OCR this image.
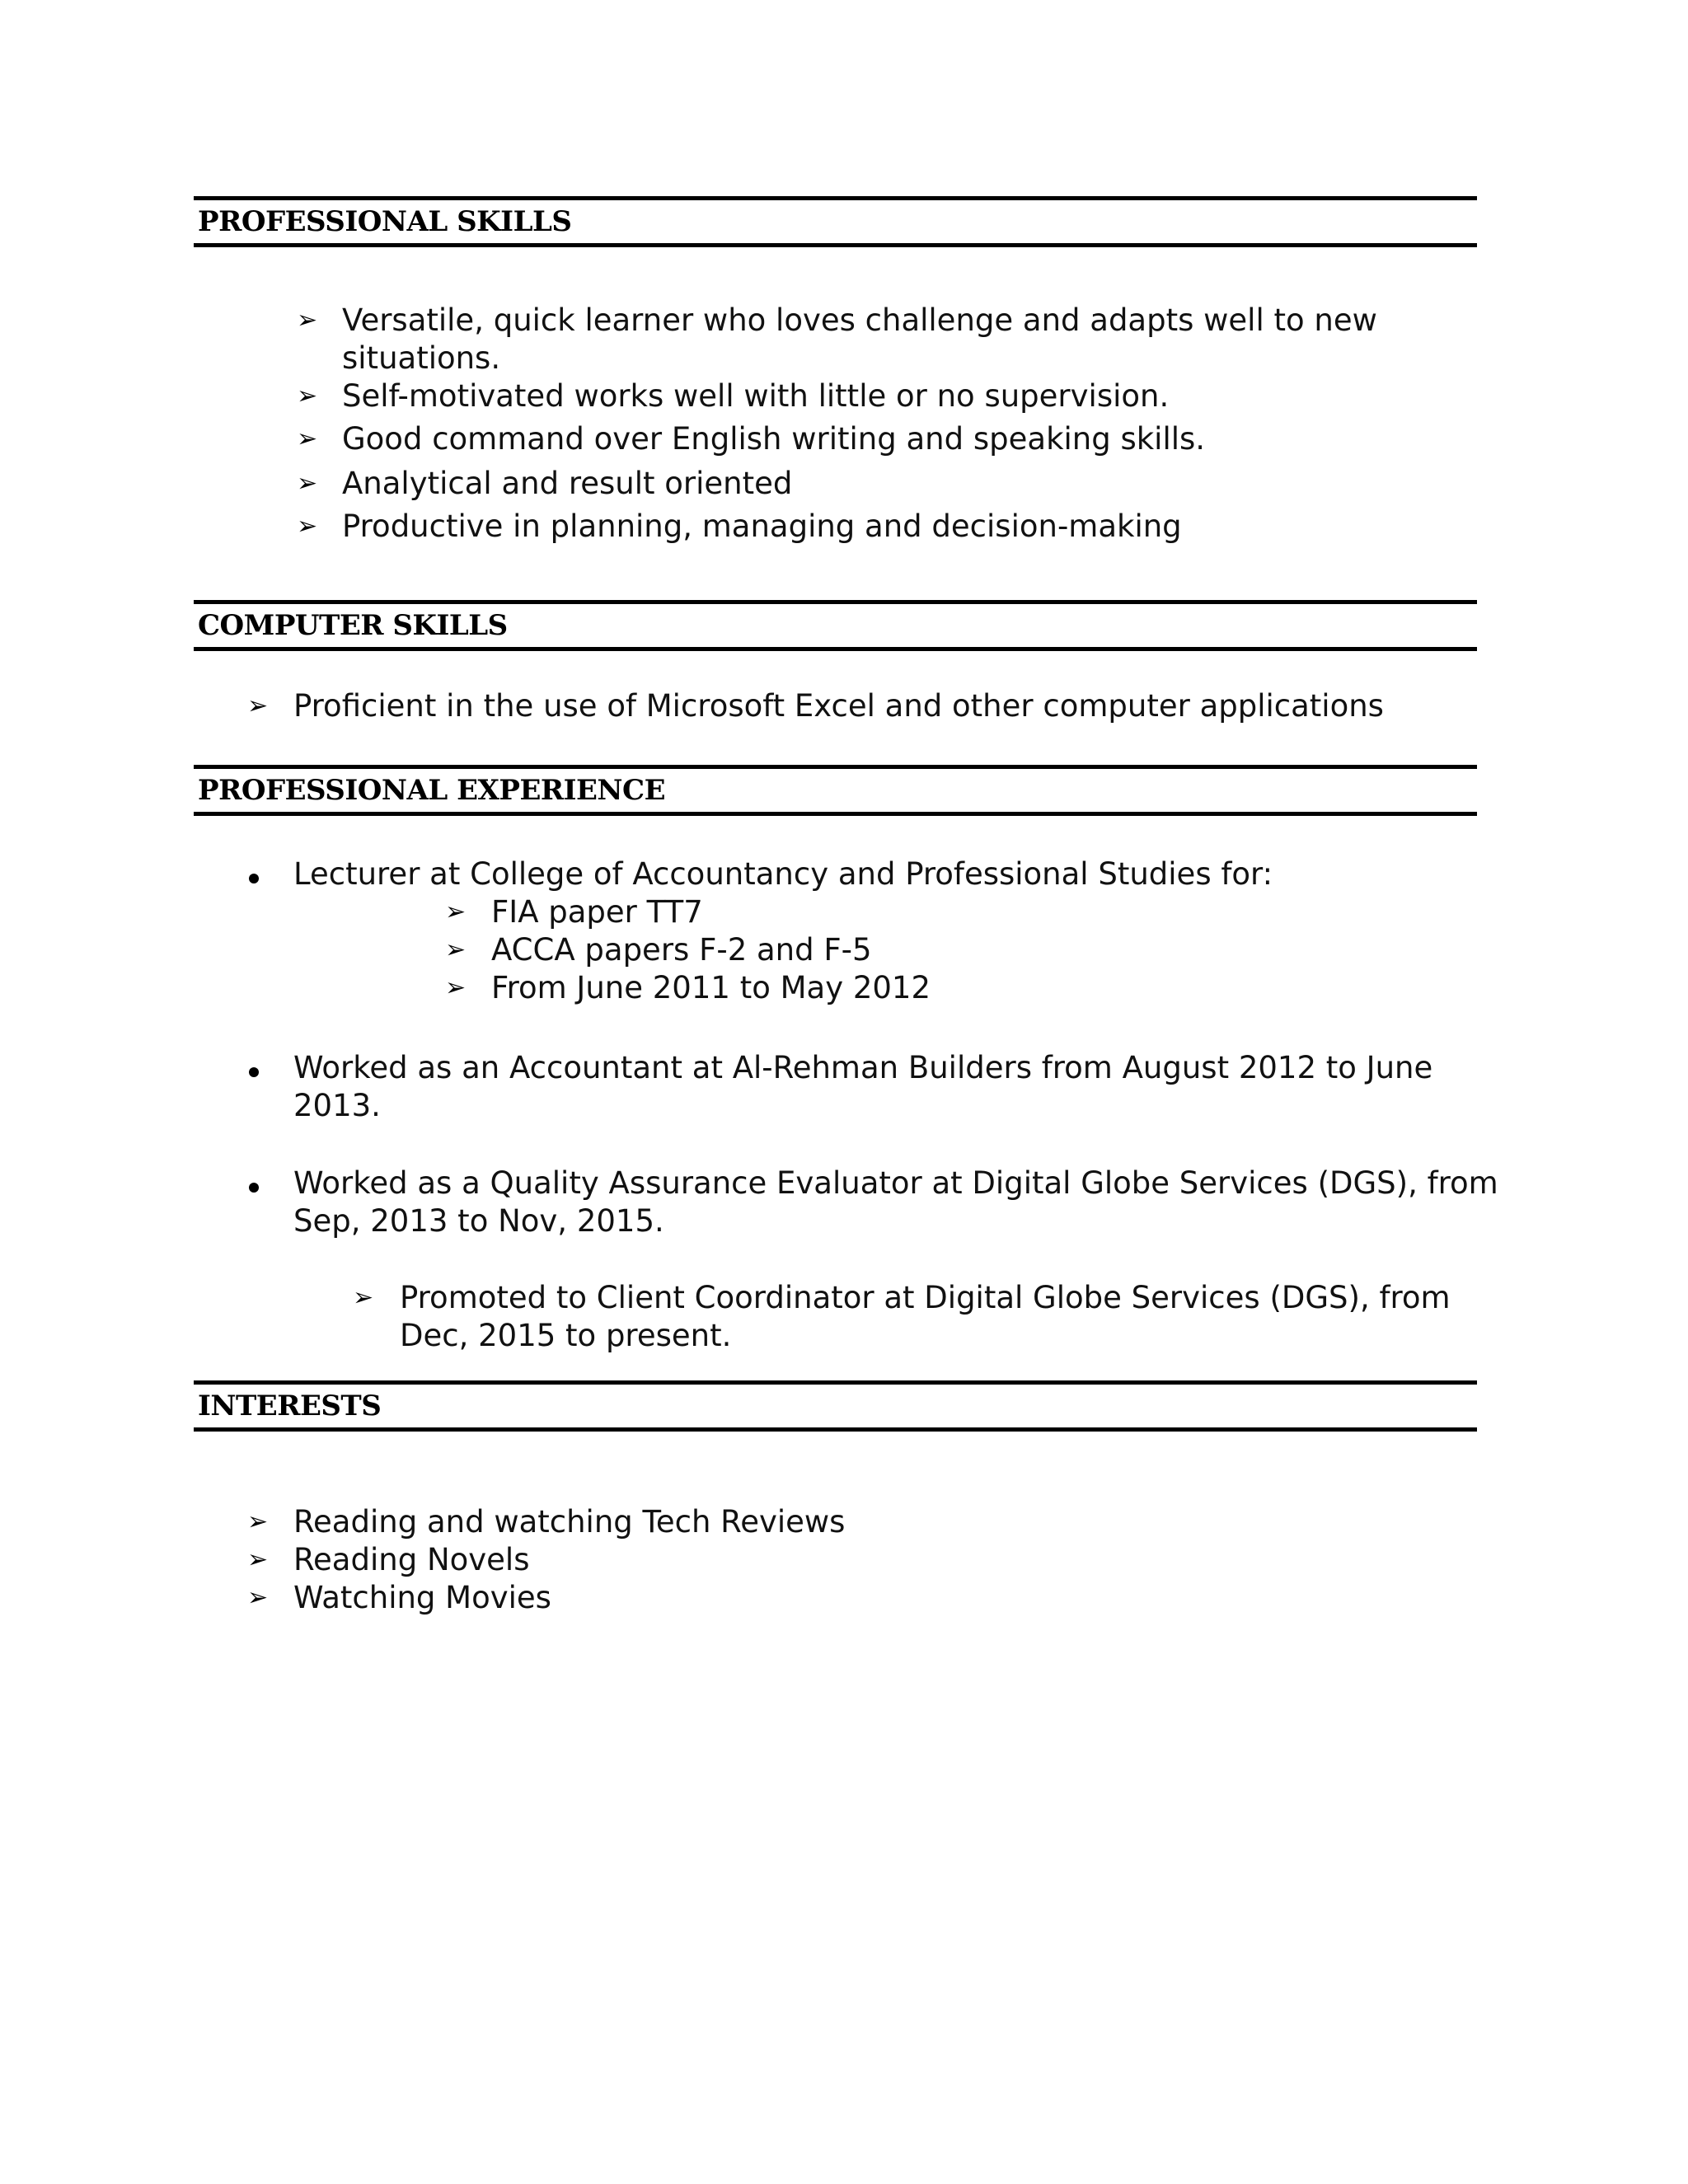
PROFESSIONAL SKILLS
➢ Versatile, quick learner who loves challenge and adapts well to new
situations.
➢ Self-motivated works well with little or no supervision.
➢ Good command over English writing and speaking skills.
➢ Analytical and result oriented
➢ Productive in planning, managing and decision-making
COMPUTER SKILLS
➢ Proficient in the use of Microsoft Excel and other computer applications
PROFESSIONAL EXPERIENCE
Lecturer at College of Accountancy and Professional Studies for:
➢ FIA paper TT7
➢ ACCA papers F-2 and F-5
➢ From June 2011 to May 2012
Worked as an Accountant at Al-Rehman Builders from August 2012 to June
2013.
Worked as a Quality Assurance Evaluator at Digital Globe Services (DGS), from
Sep, 2013 to Nov, 2015.
➢ Promoted to Client Coordinator at Digital Globe Services (DGS), from
Dec, 2015 to present.
INTERESTS
➢ Reading and watching Tech Reviews
➢ Reading Novels
➢ Watching Movies
